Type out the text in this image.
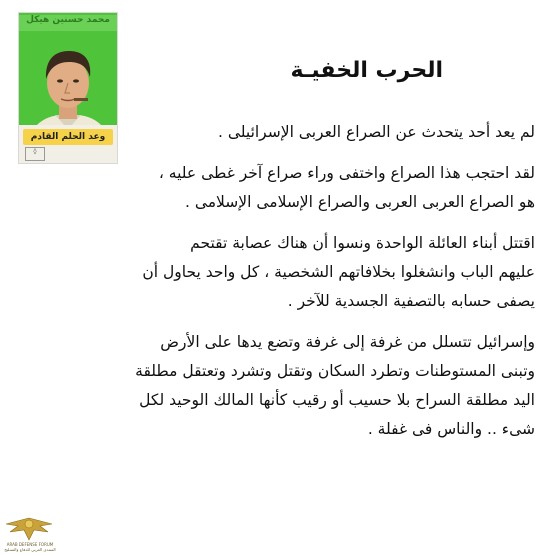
محمد حسنين هيكل
وعد الحلم القادم
◊
الحرب الخفيـة

لم يعد أحد يتحدث عن الصراع العربى الإسرائيلى .

لقد احتجب هذا الصراع واختفى وراء صراع آخر غطى عليه ،
هو الصراع العربى العربى والصراع الإسلامى الإسلامى .

اقتتل أبناء العائلة الواحدة ونسوا أن هناك عصابة تقتحم
عليهم الباب وانشغلوا بخلافاتهم الشخصية ، كل واحد يحاول أن
يصفى حسابه بالتصفية الجسدية للآخر .

وإسرائيل تتسلل من غرفة إلى غرفة وتضع يدها على الأرض
وتبنى المستوطنات وتطرد السكان وتقتل وتشرد وتعتقل مطلقة
اليد مطلقة السراح بلا حسيب أو رقيب كأنها المالك الوحيد لكل
شىء .. والناس فى غفلة .

ARAB DEFENSE FORUM
المنتدى العربي للدفاع والتسليح
